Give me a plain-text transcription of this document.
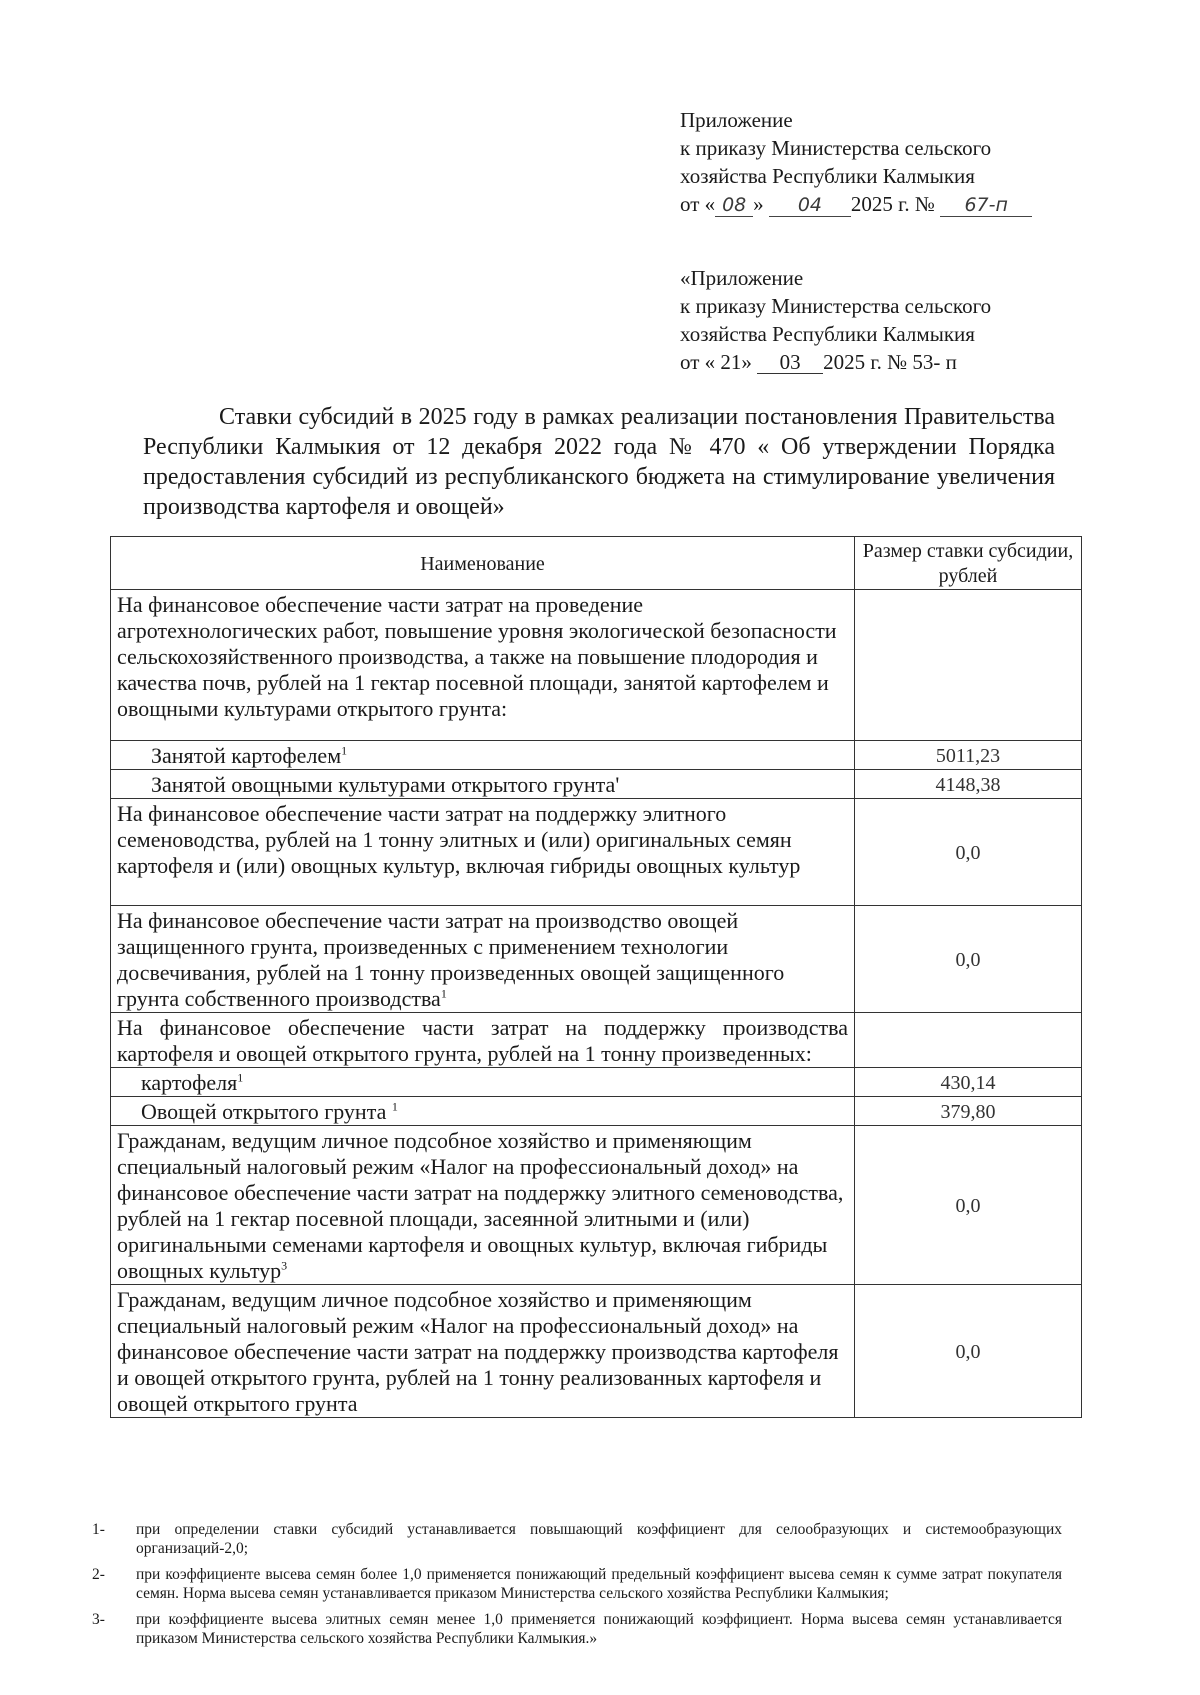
Приложение
к приказу Министерства сельского
хозяйства Республики Калмыкия
от « 08 » 04 2025 г. № 67-п
«Приложение
к приказу Министерства сельского
хозяйства Республики Калмыкия
от « 21» 03 2025 г. № 53- п
Ставки субсидий в 2025 году в рамках реализации постановления Правительства Республики Калмыкия от 12 декабря 2022 года № 470 « Об утверждении Порядка предоставления субсидий из республиканского бюджета на стимулирование увеличения производства картофеля и овощей»
Наименование	Размер ставки субсидии, рублей
На финансовое обеспечение части затрат на проведение агротехнологических работ, повышение уровня экологической безопасности сельскохозяйственного производства, а также на повышение плодородия и качества почв, рублей на 1 гектар посевной площади, занятой картофелем и овощными культурами открытого грунта:	
Занятой картофелем$^1$	5011,23
Занятой овощными культурами открытого грунта'	4148,38
На финансовое обеспечение части затрат на поддержку элитного семеноводства, рублей на 1 тонну элитных и (или) оригинальных семян картофеля и (или) овощных культур, включая гибриды овощных культур	0,0
На финансовое обеспечение части затрат на производство овощей защищенного грунта, произведенных с применением технологии досвечивания, рублей на 1 тонну произведенных овощей защищенного грунта собственного производства$^1$	0,0
На финансовое обеспечение части затрат на поддержку производства картофеля и овощей открытого грунта, рублей на 1 тонну произведенных:	
картофеля$^1$	430,14
Овощей открытого грунта $^1$	379,80
Гражданам, ведущим личное подсобное хозяйство и применяющим специальный налоговый режим «Налог на профессиональный доход» на финансовое обеспечение части затрат на поддержку элитного семеноводства, рублей на 1 гектар посевной площади, засеянной элитными и (или) оригинальными семенами картофеля и овощных культур, включая гибриды овощных культур$^3$	0,0
Гражданам, ведущим личное подсобное хозяйство и применяющим специальный налоговый режим «Налог на профессиональный доход» на финансовое обеспечение части затрат на поддержку производства картофеля и овощей открытого грунта, рублей на 1 тонну реализованных картофеля и овощей открытого грунта	0,0
1- при определении ставки субсидий устанавливается повышающий коэффициент для селообразующих и системообразующих организаций-2,0;
2- при коэффициенте высева семян более 1,0 применяется понижающий предельный коэффициент высева семян к сумме затрат покупателя семян. Норма высева семян устанавливается приказом Министерства сельского хозяйства Республики Калмыкия;
3- при коэффициенте высева элитных семян менее 1,0 применяется понижающий коэффициент. Норма высева семян устанавливается приказом Министерства сельского хозяйства Республики Калмыкия.»
